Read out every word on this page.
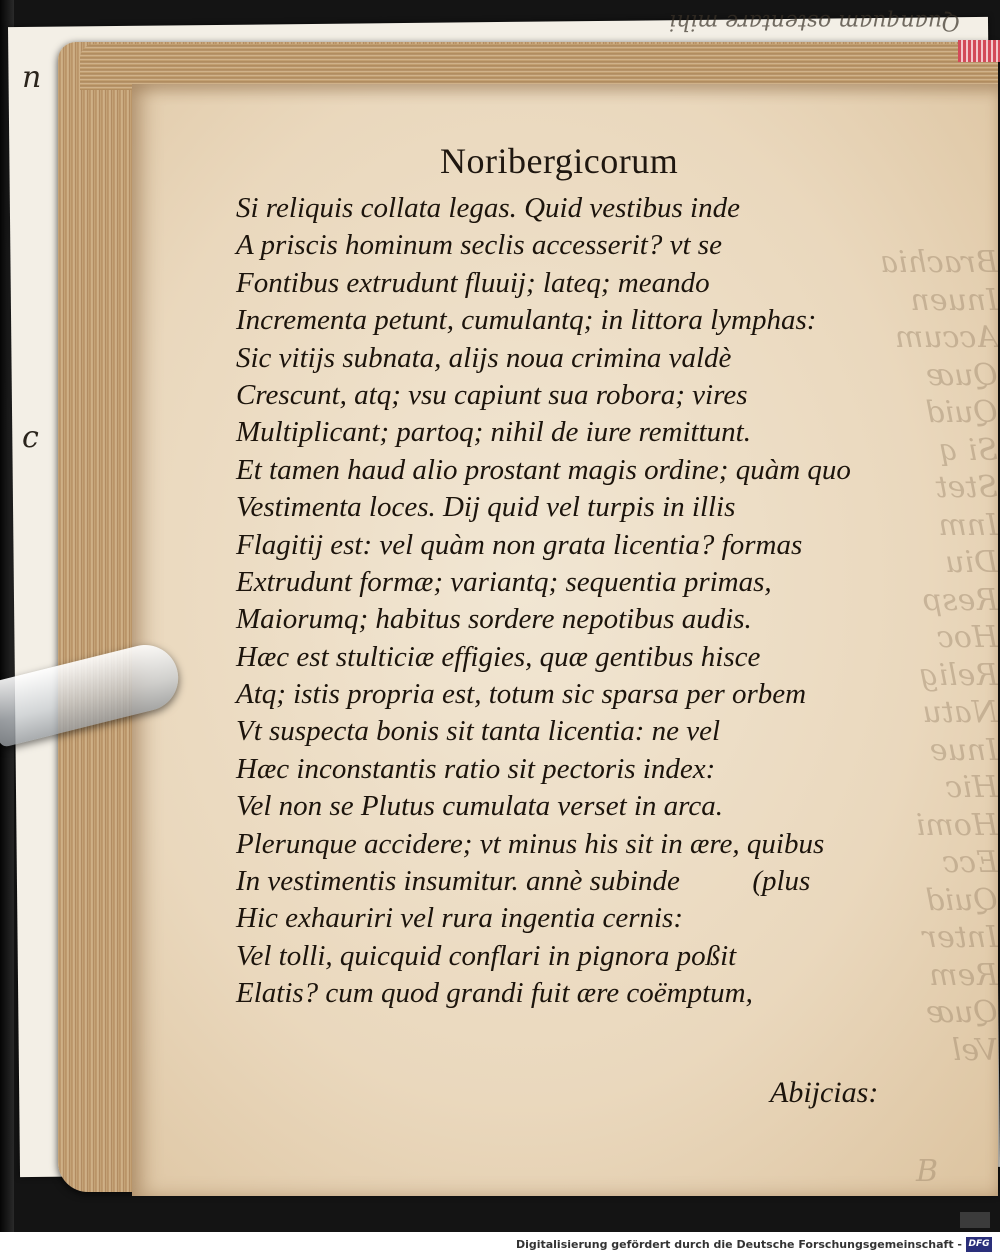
Quanquam ostentare mihi
n

c
Brachia
Inuen
Accum
Quæ
Quid
Si q
Stet
Inm
Diu
Resp
Hoc
Relig
Natu
Inue
Hic
Homi
Ecc
Quid
Inter
Rem
Quæ
Vel
B
Noribergicorum
Si reliquis collata legas. Quid vestibus inde
A priscis hominum seclis accesserit? vt se
Fontibus extrudunt fluuij; lateq; meando
Incrementa petunt, cumulantq; in littora lymphas:
Sic vitijs subnata, alijs noua crimina valdè
Crescunt, atq; vsu capiunt sua robora; vires
Multiplicant; partoq; nihil de iure remittunt.
Et tamen haud alio prostant magis ordine; quàm quo
Vestimenta loces. Dij quid vel turpis in illis
Flagitij est: vel quàm non grata licentia? formas
Extrudunt formæ; variantq; sequentia primas,
Maiorumq; habitus sordere nepotibus audis.
Hæc est stulticiæ effigies, quæ gentibus hisce
Atq; istis propria est, totum sic sparsa per orbem
Vt suspecta bonis sit tanta licentia: ne vel
Hæc inconstantis ratio sit pectoris index:
Vel non se Plutus cumulata verset in arca.
Plerunque accidere; vt minus his sit in ære, quibus
In vestimentis insumitur. annè subinde          (plus
Hic exhauriri vel rura ingentia cernis:
Vel tolli, quicquid conflari in pignora poßit
Elatis? cum quod grandi fuit ære coëmptum,
Abijcias:
Digitalisierung gefördert durch die Deutsche Forschungsgemeinschaft - DFG
